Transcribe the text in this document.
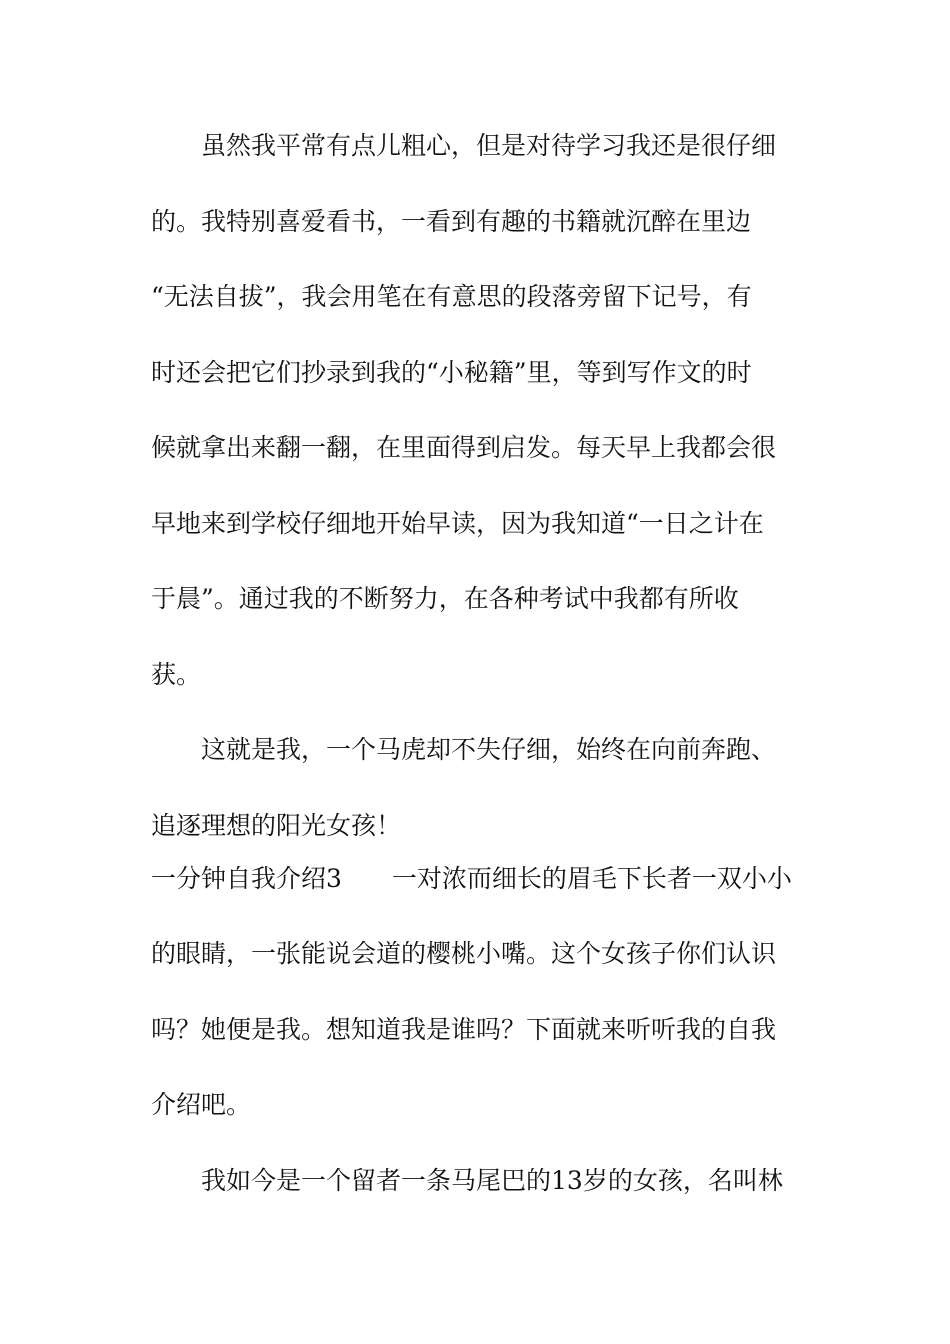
虽然我平常有点儿粗心，但是对待学习我还是很仔细
的。我特别喜爱看书，一看到有趣的书籍就沉醉在里边
“无法自拔”，我会用笔在有意思的段落旁留下记号，有
时还会把它们抄录到我的“小秘籍”里，等到写作文的时
候就拿出来翻一翻，在里面得到启发。每天早上我都会很
早地来到学校仔细地开始早读，因为我知道“一日之计在
于晨”。通过我的不断努力，在各种考试中我都有所收
获。
这就是我，一个马虎却不失仔细，始终在向前奔跑、
追逐理想的阳光女孩！
一分钟自我介绍3　　一对浓而细长的眉毛下长者一双小小
的眼睛，一张能说会道的樱桃小嘴。这个女孩子你们认识
吗？她便是我。想知道我是谁吗？下面就来听听我的自我
介绍吧。
我如今是一个留者一条马尾巴的13岁的女孩，名叫林
